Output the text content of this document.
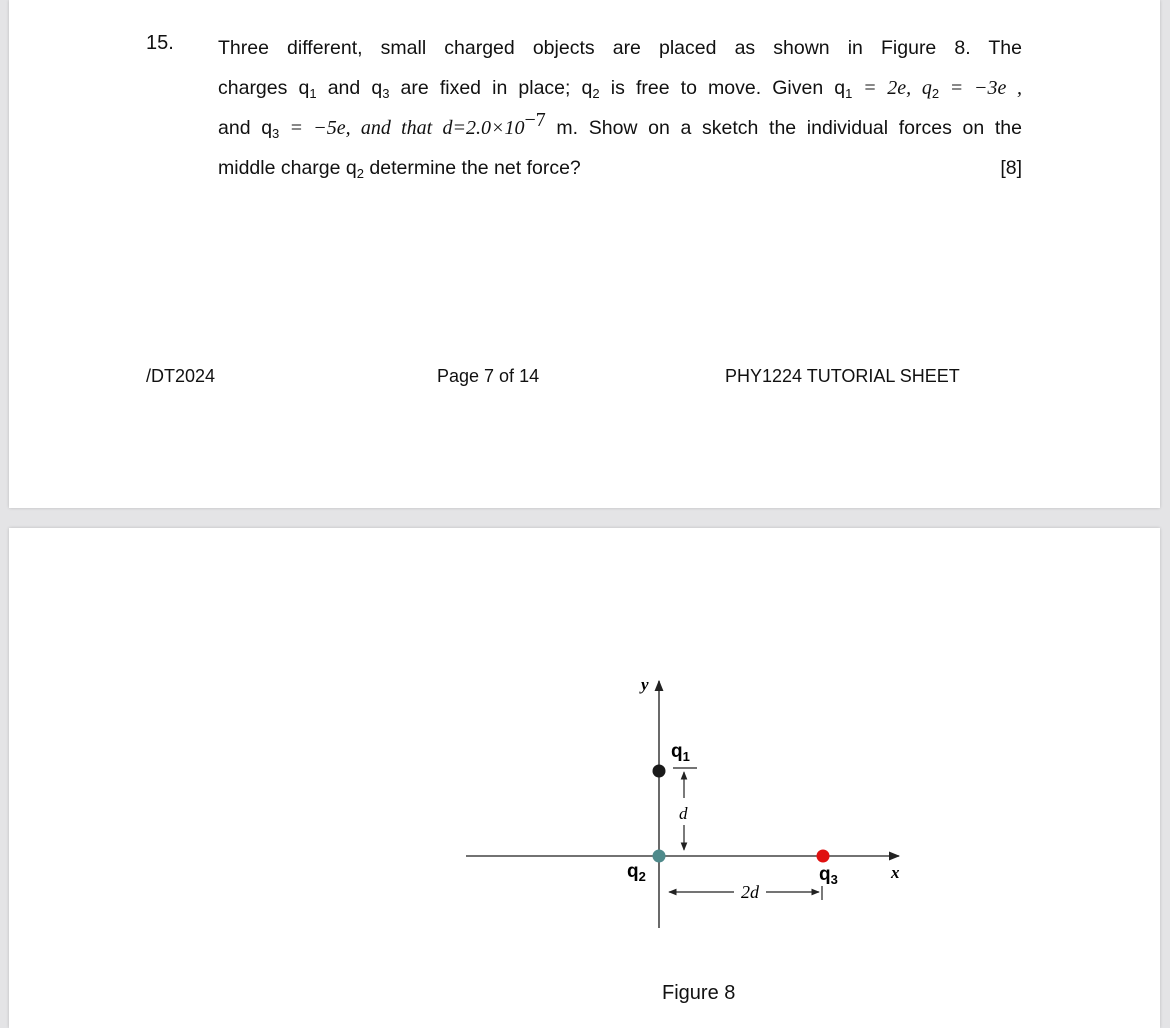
15. Three different, small charged objects are placed as shown in Figure 8. The
charges $q_1$ and $q_3$ are fixed in place; $q_2$ is free to move. Given $q_1 = 2e$, $q_2 = -3e$ ,
and $q_3 = -5e$, and that $d=2.0\times 10^{-7}$ m. Show on a sketch the individual forces on the
middle charge $q_2$ determine the net force?	[8]
/DT2024	Page 7 of 14	PHY1224 TUTORIAL SHEET
y
x
$q_1$
d
$q_2$
2d
$q_3$
Figure 8
